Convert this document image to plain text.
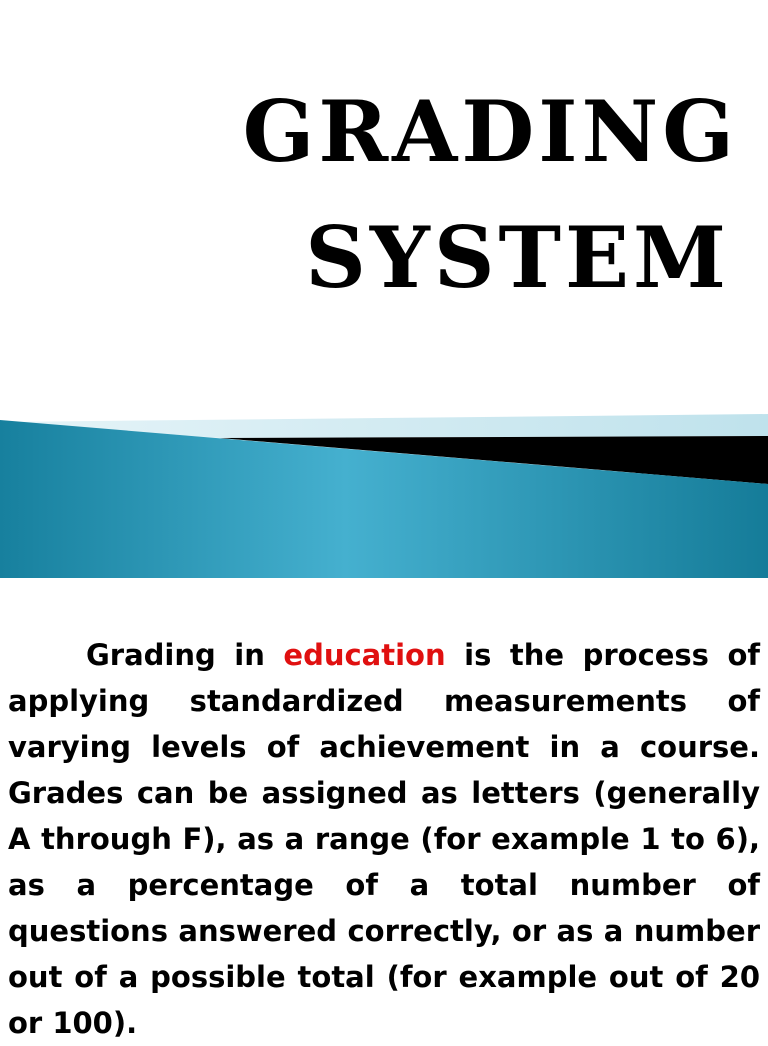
GRADING
SYSTEM

Grading in education is the process of applying standardized measurements of varying levels of achievement in a course. Grades can be assigned as letters (generally A through F), as a range (for example 1 to 6), as a percentage of a total number of questions answered correctly, or as a number out of a possible total (for example out of 20 or 100).
